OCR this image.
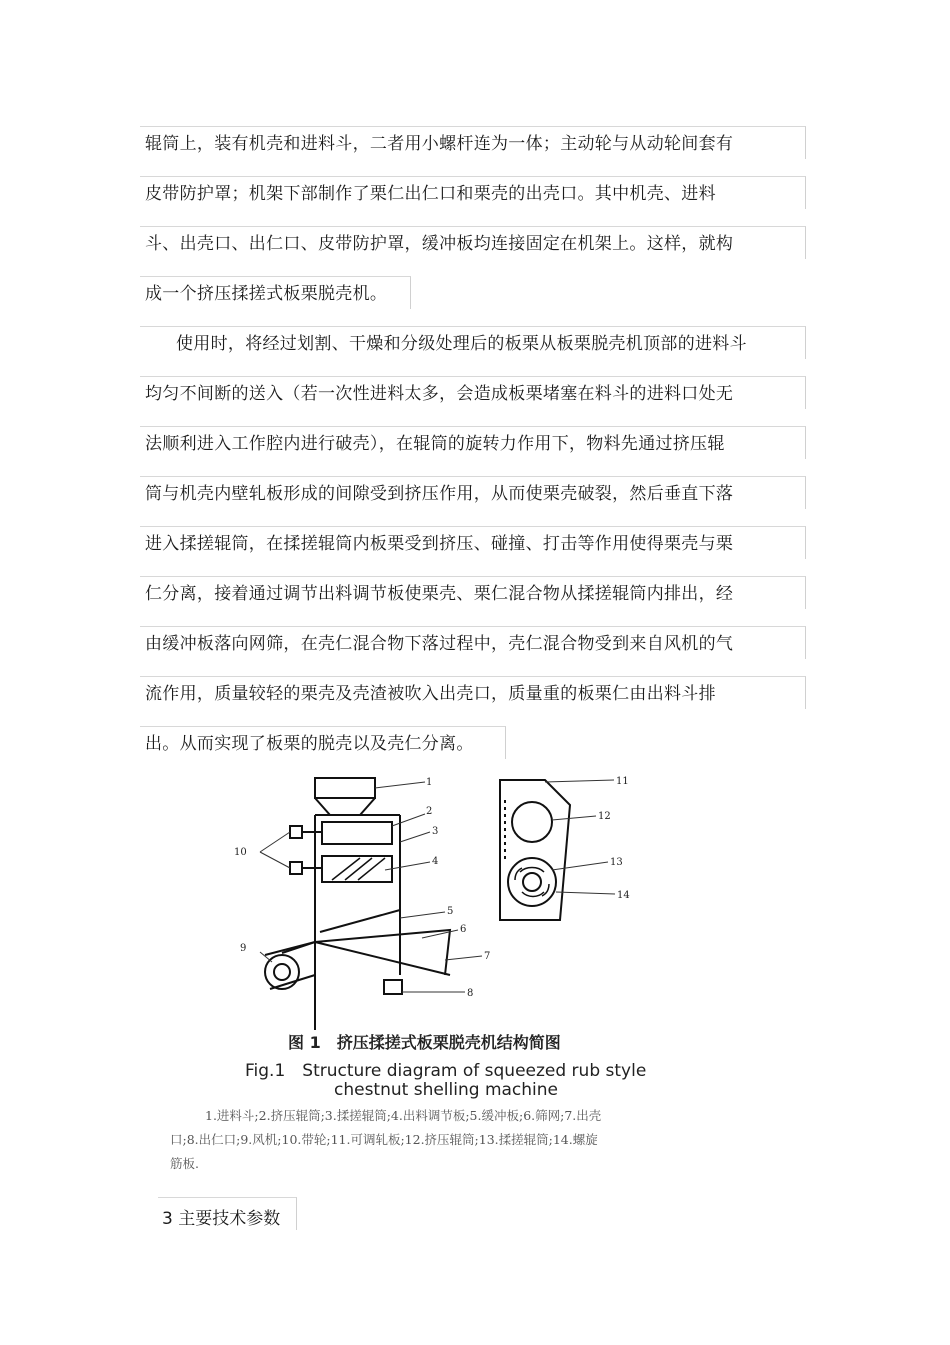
辊筒上，装有机壳和进料斗，二者用小螺杆连为一体；主动轮与从动轮间套有
皮带防护罩；机架下部制作了栗仁出仁口和栗壳的出壳口。其中机壳、进料
斗、出壳口、出仁口、皮带防护罩，缓冲板均连接固定在机架上。这样，就构
成一个挤压揉搓式板栗脱壳机。
使用时，将经过划割、干燥和分级处理后的板栗从板栗脱壳机顶部的进料斗
均匀不间断的送入（若一次性进料太多，会造成板栗堵塞在料斗的进料口处无
法顺利进入工作腔内进行破壳），在辊筒的旋转力作用下，物料先通过挤压辊
筒与机壳内壁轧板形成的间隙受到挤压作用，从而使栗壳破裂，然后垂直下落
进入揉搓辊筒，在揉搓辊筒内板栗受到挤压、碰撞、打击等作用使得栗壳与栗
仁分离，接着通过调节出料调节板使栗壳、栗仁混合物从揉搓辊筒内排出，经
由缓冲板落向网筛，在壳仁混合物下落过程中，壳仁混合物受到来自风机的气
流作用，质量较轻的栗壳及壳渣被吹入出壳口，质量重的板栗仁由出料斗排
出。从而实现了板栗的脱壳以及壳仁分离。
1
2
3
4
5
6
7
8
9
10
11
12
13
14
图 1　挤压揉搓式板栗脱壳机结构简图
Fig.1　Structure diagram of squeezed rub style
chestnut shelling machine
1.进料斗;2.挤压辊筒;3.揉搓辊筒;4.出料调节板;5.缓冲板;6.筛网;7.出壳
口;8.出仁口;9.风机;10.带轮;11.可调轧板;12.挤压辊筒;13.揉搓辊筒;14.螺旋
筋板.
3 主要技术参数
